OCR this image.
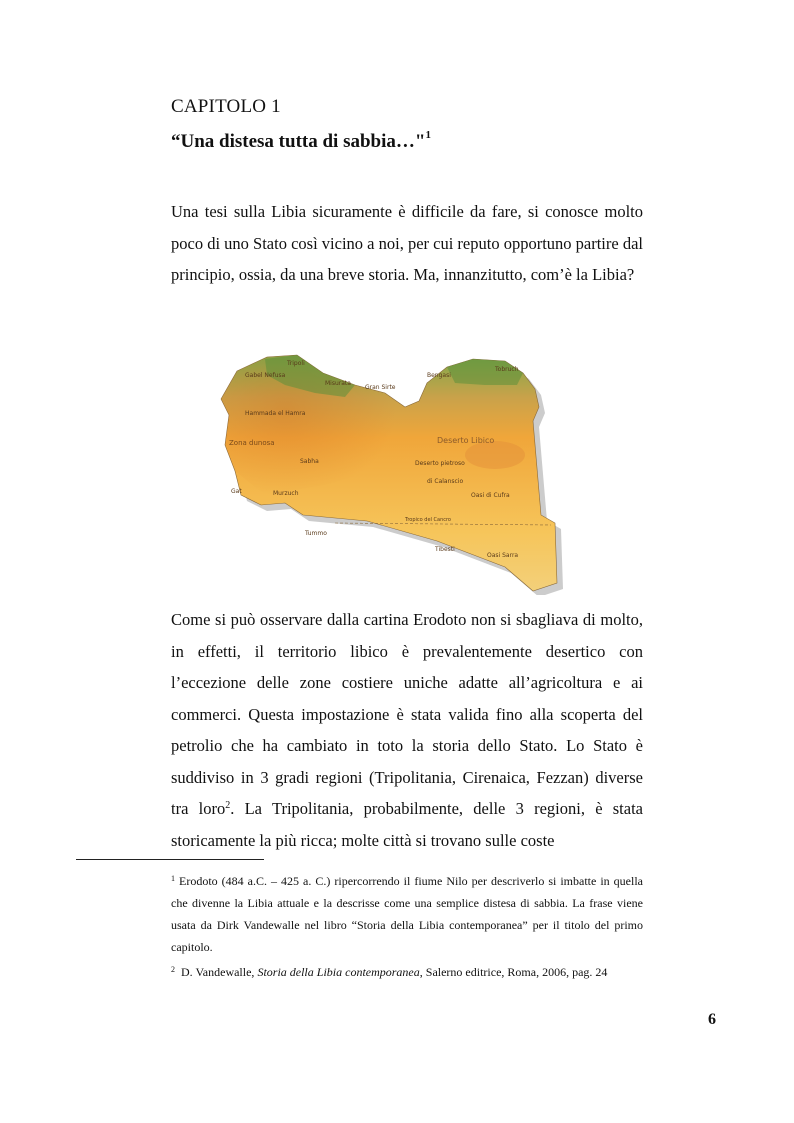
CAPITOLO 1
“Una distesa tutta di sabbia…"$^1$

Una tesi sulla Libia sicuramente è difficile da fare, si conosce molto poco di uno Stato così vicino a noi, per cui reputo opportuno partire dal principio, ossia, da una breve storia. Ma, innanzitutto, com’è la Libia?

Tripoli
Misurata
Gabel Nefusa
Gran Sirte
Bengasi
Tobruch
Sabha
Hammada el Hamra
Deserto Libico
Deserto pietroso
di Calanscio
Oasi di Cufra
Murzuch
Gat
Tummo
Tropico del Cancro
Tibesti
Oasi Sarra
Zona dunosa

Come si può osservare dalla cartina Erodoto non si sbagliava di molto, in effetti, il territorio libico è prevalentemente desertico con l’eccezione delle zone costiere uniche adatte all’agricoltura e ai commerci. Questa impostazione è stata valida fino alla scoperta del petrolio che ha cambiato in toto la storia dello Stato. Lo Stato è suddiviso in 3 gradi regioni (Tripolitania, Cirenaica, Fezzan) diverse tra loro$^2$. La Tripolitania, probabilmente, delle 3 regioni, è stata storicamente la più ricca; molte città si trovano sulle coste

$^1$ Erodoto (484 a.C. – 425 a. C.) ripercorrendo il fiume Nilo per descriverlo si imbatte in quella che divenne la Libia attuale e la descrisse come una semplice distesa di sabbia. La frase viene usata da Dirk Vandewalle nel libro “Storia della Libia contemporanea” per il titolo del primo capitolo.

$^2$  D. Vandewalle, Storia della Libia contemporanea, Salerno editrice, Roma, 2006, pag. 24

6
